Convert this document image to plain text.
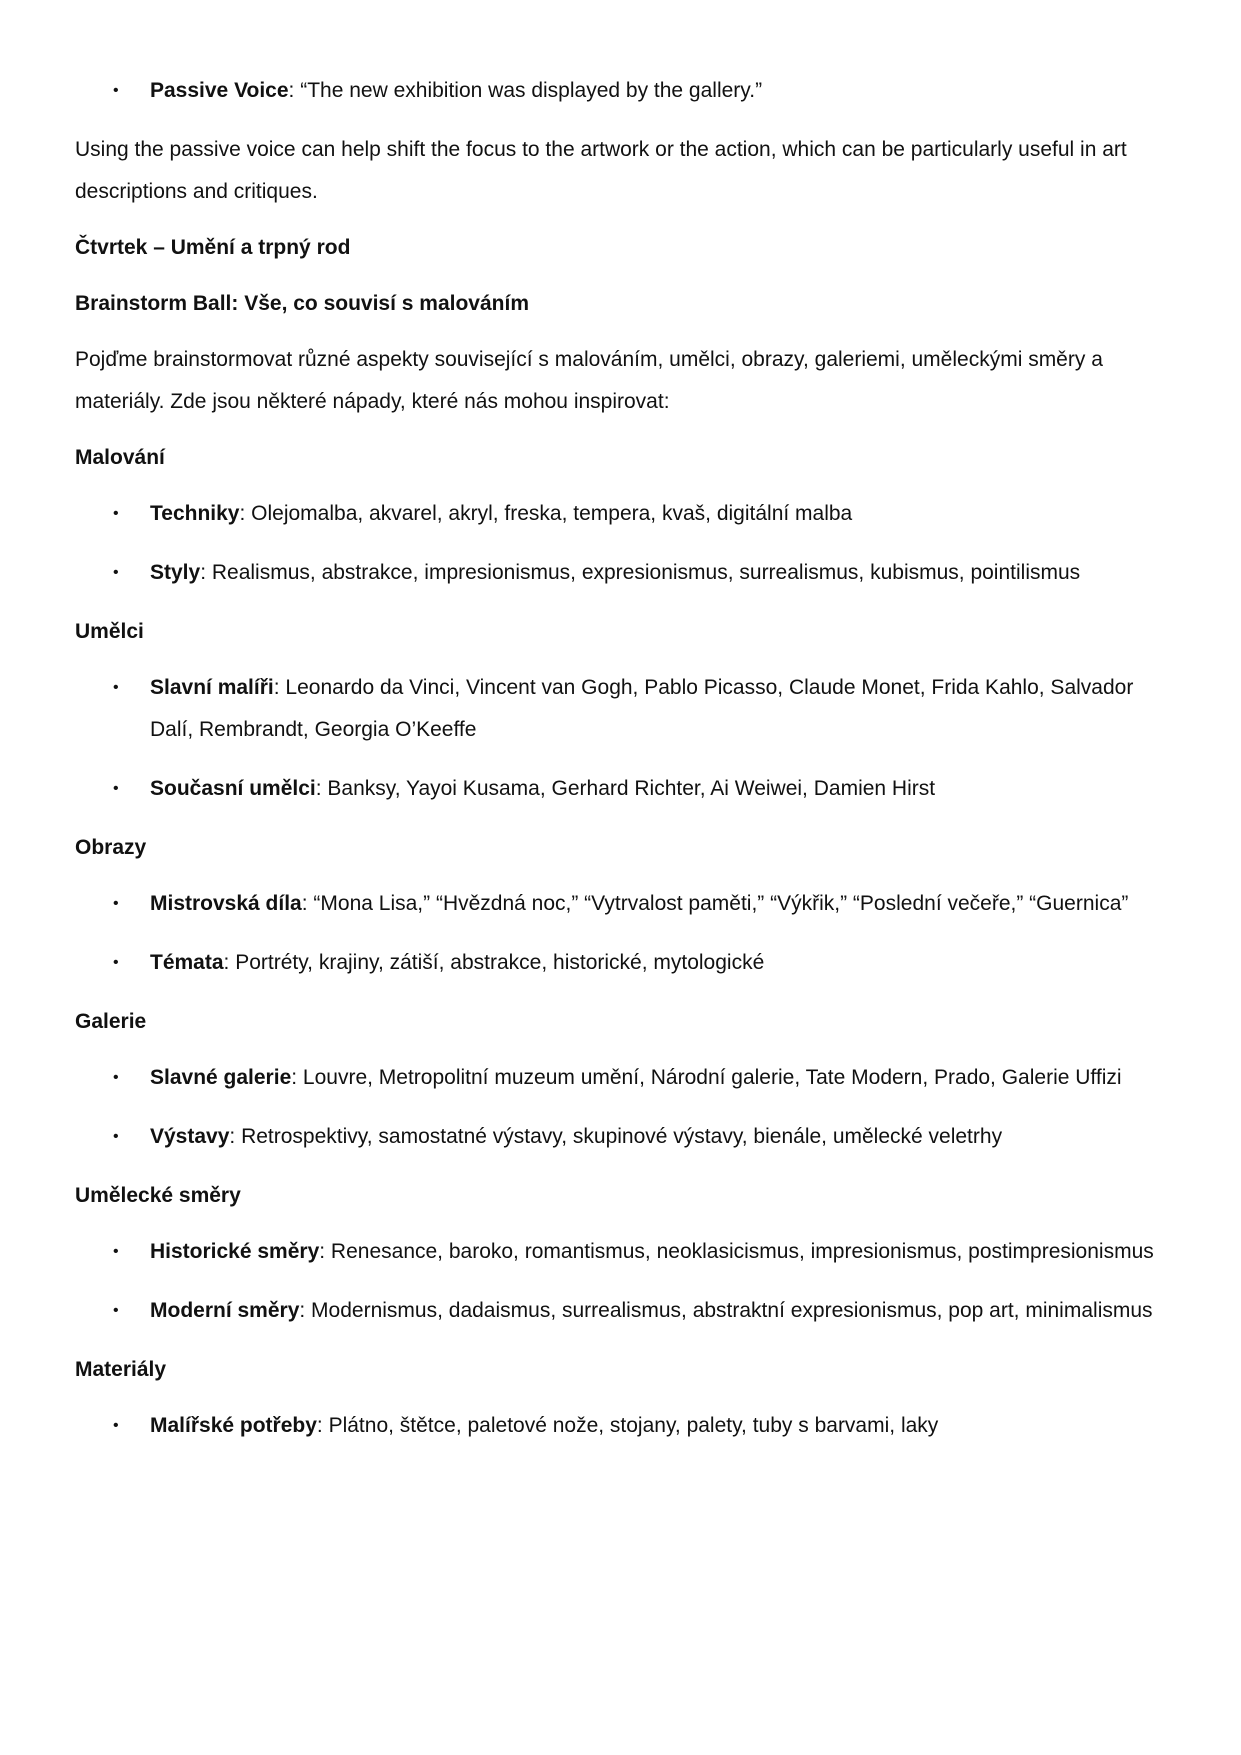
• Passive Voice: “The new exhibition was displayed by the gallery.”

Using the passive voice can help shift the focus to the artwork or the action, which can be particularly useful in art descriptions and critiques.

Čtvrtek – Umění a trpný rod

Brainstorm Ball: Vše, co souvisí s malováním

Pojďme brainstormovat různé aspekty související s malováním, umělci, obrazy, galeriemi, uměleckými směry a materiály. Zde jsou některé nápady, které nás mohou inspirovat:

Malování

• Techniky: Olejomalba, akvarel, akryl, freska, tempera, kvaš, digitální malba
• Styly: Realismus, abstrakce, impresionismus, expresionismus, surrealismus, kubismus, pointilismus

Umělci

• Slavní malíři: Leonardo da Vinci, Vincent van Gogh, Pablo Picasso, Claude Monet, Frida Kahlo, Salvador Dalí, Rembrandt, Georgia O’Keeffe
• Současní umělci: Banksy, Yayoi Kusama, Gerhard Richter, Ai Weiwei, Damien Hirst

Obrazy

• Mistrovská díla: “Mona Lisa,” “Hvězdná noc,” “Vytrvalost paměti,” “Výkřik,” “Poslední večeře,” “Guernica”
• Témata: Portréty, krajiny, zátiší, abstrakce, historické, mytologické

Galerie

• Slavné galerie: Louvre, Metropolitní muzeum umění, Národní galerie, Tate Modern, Prado, Galerie Uffizi
• Výstavy: Retrospektivy, samostatné výstavy, skupinové výstavy, bienále, umělecké veletrhy

Umělecké směry

• Historické směry: Renesance, baroko, romantismus, neoklasicismus, impresionismus, postimpresionismus
• Moderní směry: Modernismus, dadaismus, surrealismus, abstraktní expresionismus, pop art, minimalismus

Materiály

• Malířské potřeby: Plátno, štětce, paletové nože, stojany, palety, tuby s barvami, laky
